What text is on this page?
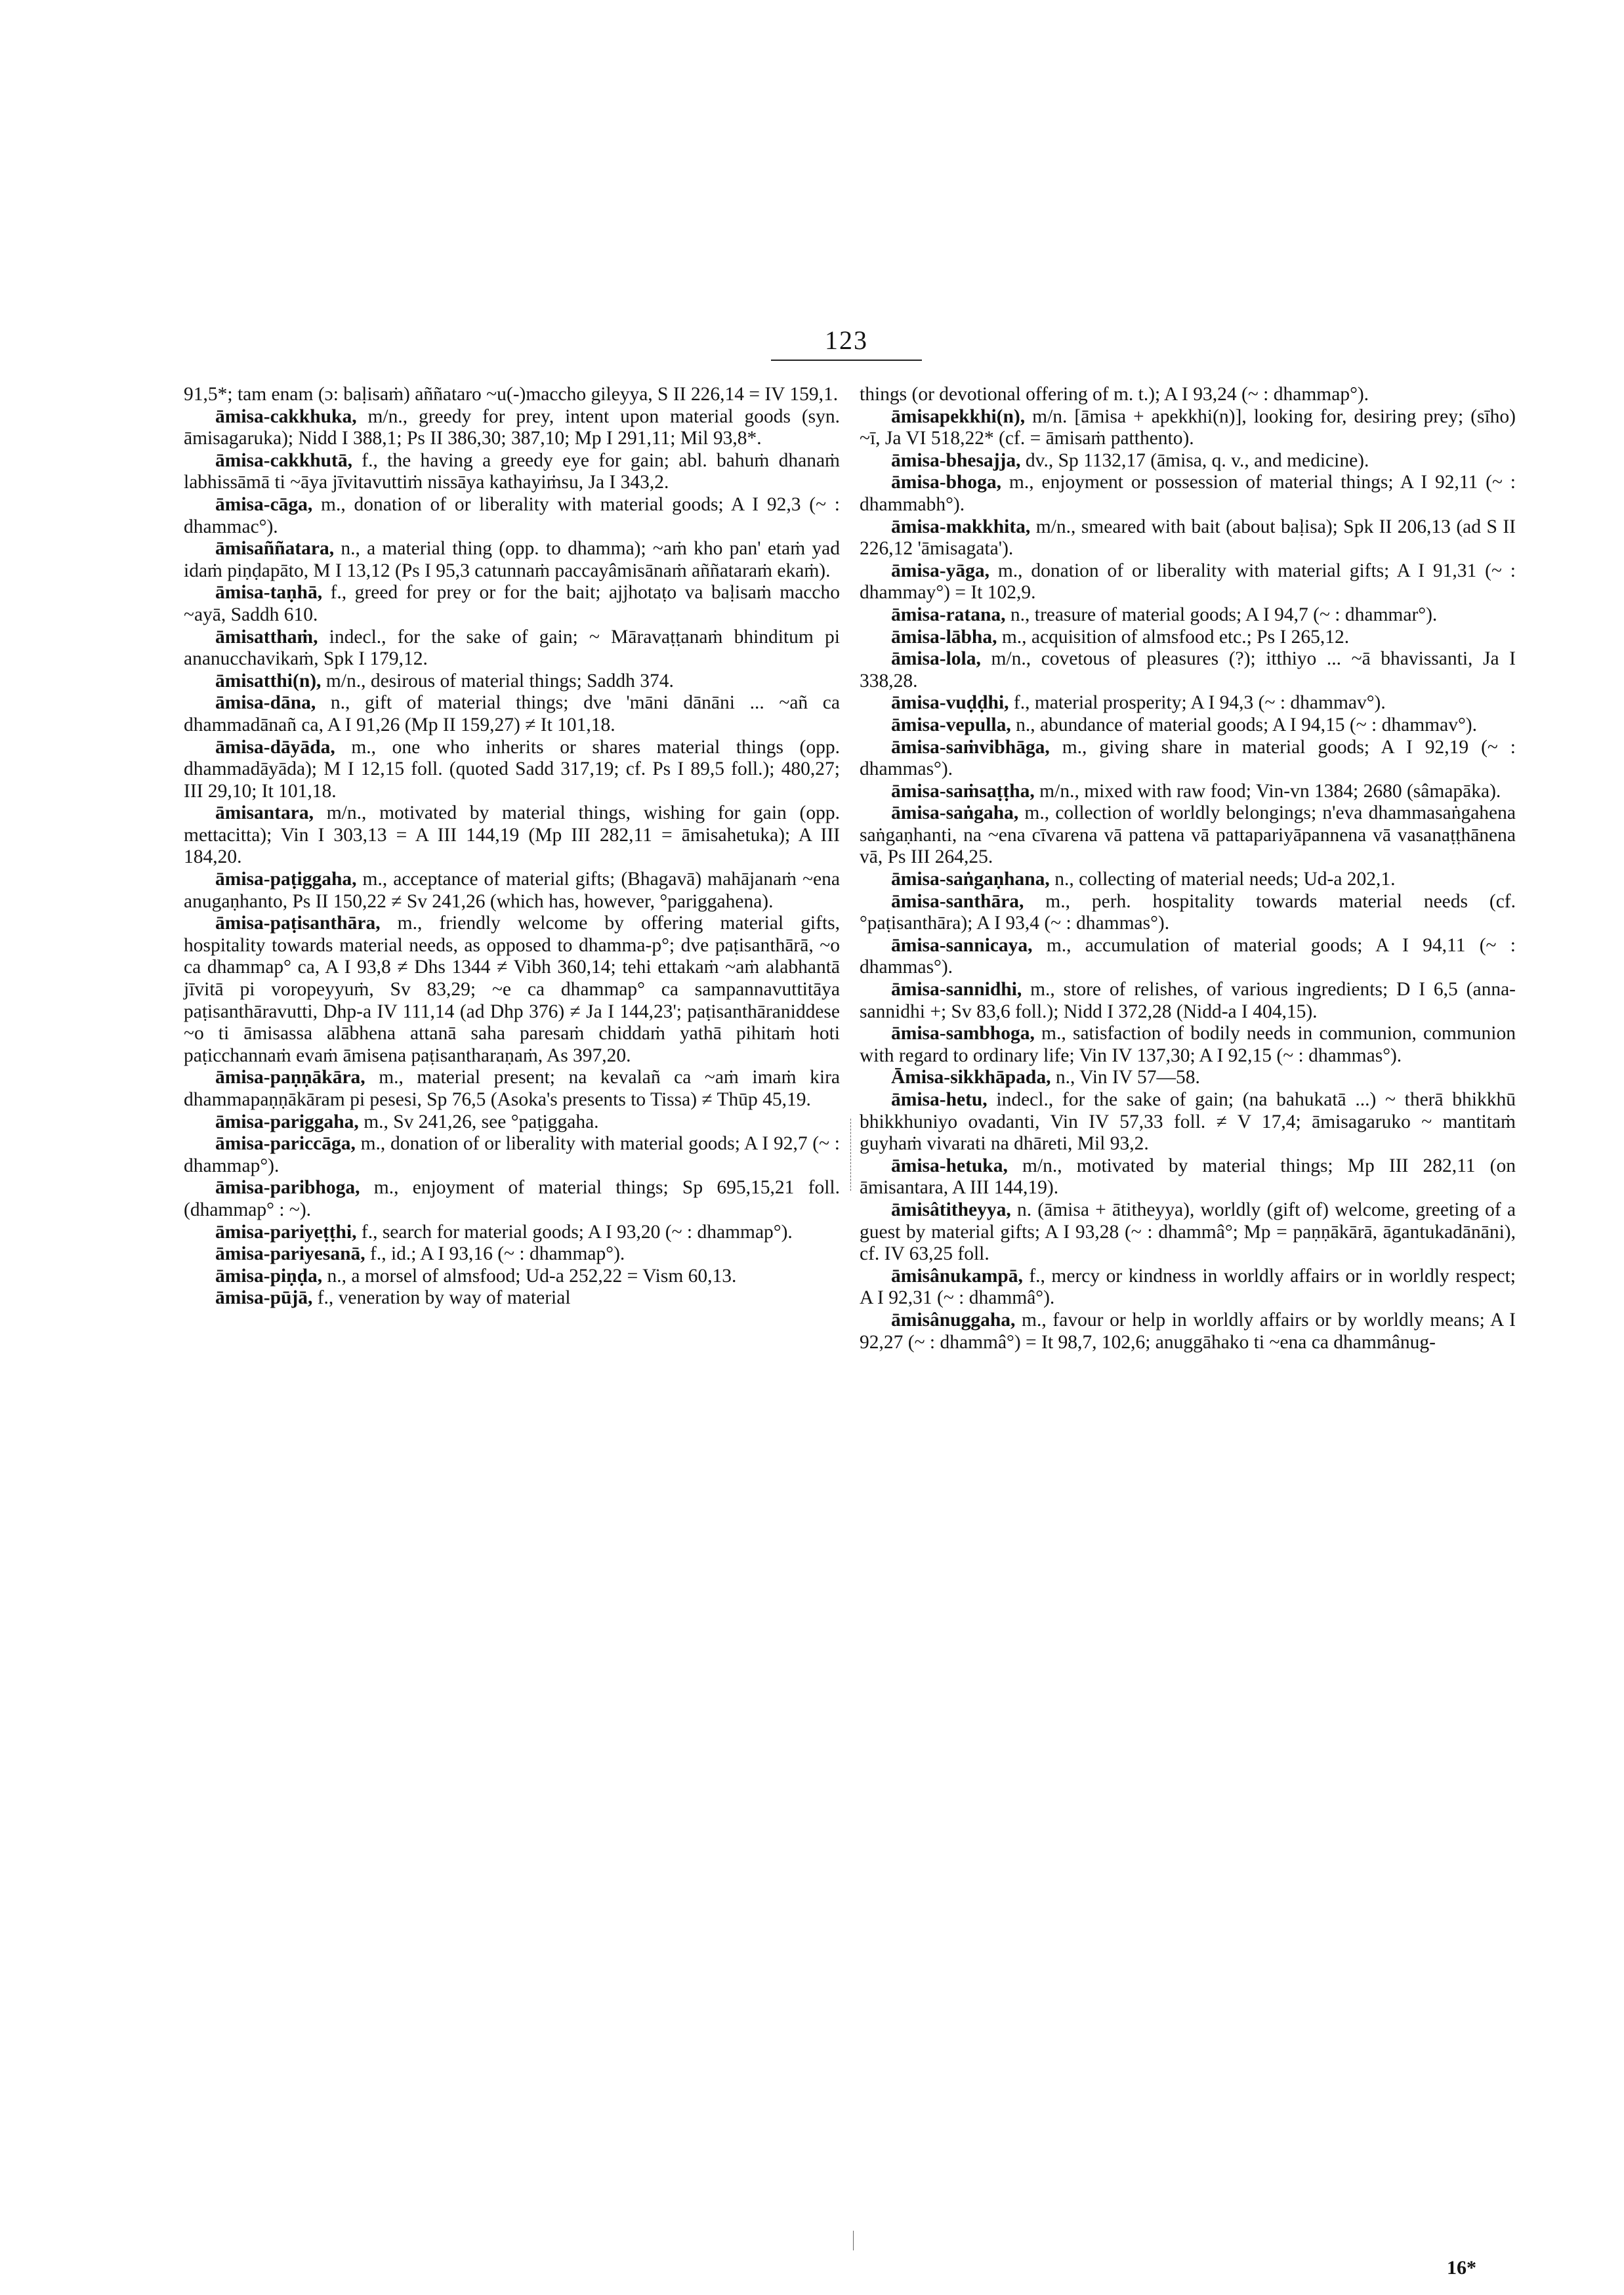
123

91,5*; tam enam (ɔ: baḷisaṁ) aññataro ~u(-)maccho gileyya, S II 226,14 = IV 159,1.

āmisa-cakkhuka, m/n., greedy for prey, intent upon material goods (syn. āmisagaruka); Nidd I 388,1; Ps II 386,30; 387,10; Mp I 291,11; Mil 93,8*.

āmisa-cakkhutā, f., the having a greedy eye for gain; abl. bahuṁ dhanaṁ labhissāmā ti ~āya jīvitavuttiṁ nissāya kathayiṁsu, Ja I 343,2.

āmisa-cāga, m., donation of or liberality with material goods; A I 92,3 (~ : dhammac°).

āmisaññatara, n., a material thing (opp. to dhamma); ~aṁ kho pan' etaṁ yad idaṁ piṇḍapāto, M I 13,12 (Ps I 95,3 catunnaṁ paccayâmisānaṁ aññataraṁ ekaṁ).

āmisa-taṇhā, f., greed for prey or for the bait; ajjhotaṭo va baḷisaṁ maccho ~ayā, Saddh 610.

āmisatthaṁ, indecl., for the sake of gain; ~ Māravaṭṭanaṁ bhinditum pi ananucchavikaṁ, Spk I 179,12.

āmisatthi(n), m/n., desirous of material things; Saddh 374.

āmisa-dāna, n., gift of material things; dve 'māni dānāni ... ~añ ca dhammadānañ ca, A I 91,26 (Mp II 159,27) ≠ It 101,18.

āmisa-dāyāda, m., one who inherits or shares material things (opp. dhammadāyāda); M I 12,15 foll. (quoted Sadd 317,19; cf. Ps I 89,5 foll.); 480,27; III 29,10; It 101,18.

āmisantara, m/n., motivated by material things, wishing for gain (opp. mettacitta); Vin I 303,13 = A III 144,19 (Mp III 282,11 = āmisahetuka); A III 184,20.

āmisa-paṭiggaha, m., acceptance of material gifts; (Bhagavā) mahājanaṁ ~ena anugaṇhanto, Ps II 150,22 ≠ Sv 241,26 (which has, however, °pariggahena).

āmisa-paṭisanthāra, m., friendly welcome by offering material gifts, hospitality towards material needs, as opposed to dhamma-p°; dve paṭisanthārā, ~o ca dhammap° ca, A I 93,8 ≠ Dhs 1344 ≠ Vibh 360,14; tehi ettakaṁ ~aṁ alabhantā jīvitā pi voropeyyuṁ, Sv 83,29; ~e ca dhammap° ca sampannavuttitāya paṭisanthāravutti, Dhp-a IV 111,14 (ad Dhp 376) ≠ Ja I 144,23'; paṭisanthāraniddese ~o ti āmisassa alābhena attanā saha paresaṁ chiddaṁ yathā pihitaṁ hoti paṭicchannaṁ evaṁ āmisena paṭisantharaṇaṁ, As 397,20.

āmisa-paṇṇākāra, m., material present; na kevalañ ca ~aṁ imaṁ kira dhammapaṇṇākāram pi pesesi, Sp 76,5 (Asoka's presents to Tissa) ≠ Thūp 45,19.

āmisa-pariggaha, m., Sv 241,26, see °paṭiggaha.

āmisa-pariccāga, m., donation of or liberality with material goods; A I 92,7 (~ : dhammap°).

āmisa-paribhoga, m., enjoyment of material things; Sp 695,15,21 foll. (dhammap° : ~).

āmisa-pariyeṭṭhi, f., search for material goods; A I 93,20 (~ : dhammap°).

āmisa-pariyesanā, f., id.; A I 93,16 (~ : dhammap°).

āmisa-piṇḍa, n., a morsel of almsfood; Ud-a 252,22 = Vism 60,13.

āmisa-pūjā, f., veneration by way of material

things (or devotional offering of m. t.); A I 93,24 (~ : dhammap°).

āmisapekkhi(n), m/n. [āmisa + apekkhi(n)], looking for, desiring prey; (sīho) ~ī, Ja VI 518,22* (cf. = āmisaṁ patthento).

āmisa-bhesajja, dv., Sp 1132,17 (āmisa, q. v., and medicine).

āmisa-bhoga, m., enjoyment or possession of material things; A I 92,11 (~ : dhammabh°).

āmisa-makkhita, m/n., smeared with bait (about baḷisa); Spk II 206,13 (ad S II 226,12 'āmisagata').

āmisa-yāga, m., donation of or liberality with material gifts; A I 91,31 (~ : dhammay°) = It 102,9.

āmisa-ratana, n., treasure of material goods; A I 94,7 (~ : dhammar°).

āmisa-lābha, m., acquisition of almsfood etc.; Ps I 265,12.

āmisa-lola, m/n., covetous of pleasures (?); itthiyo ... ~ā bhavissanti, Ja I 338,28.

āmisa-vuḍḍhi, f., material prosperity; A I 94,3 (~ : dhammav°).

āmisa-vepulla, n., abundance of material goods; A I 94,15 (~ : dhammav°).

āmisa-saṁvibhāga, m., giving share in material goods; A I 92,19 (~ : dhammas°).

āmisa-saṁsaṭṭha, m/n., mixed with raw food; Vin-vn 1384; 2680 (sâmapāka).

āmisa-saṅgaha, m., collection of worldly belongings; n'eva dhammasaṅgahena saṅgaṇhanti, na ~ena cīvarena vā pattena vā pattapariyāpannena vā vasanaṭṭhānena vā, Ps III 264,25.

āmisa-saṅgaṇhana, n., collecting of material needs; Ud-a 202,1.

āmisa-santhāra, m., perh. hospitality towards material needs (cf. °paṭisanthāra); A I 93,4 (~ : dhammas°).

āmisa-sannicaya, m., accumulation of material goods; A I 94,11 (~ : dhammas°).

āmisa-sannidhi, m., store of relishes, of various ingredients; D I 6,5 (anna-sannidhi +; Sv 83,6 foll.); Nidd I 372,28 (Nidd-a I 404,15).

āmisa-sambhoga, m., satisfaction of bodily needs in communion, communion with regard to ordinary life; Vin IV 137,30; A I 92,15 (~ : dhammas°).

Āmisa-sikkhāpada, n., Vin IV 57—58.

āmisa-hetu, indecl., for the sake of gain; (na bahukatā ...) ~ therā bhikkhū bhikkhuniyo ovadanti, Vin IV 57,33 foll. ≠ V 17,4; āmisagaruko ~ mantitaṁ guyhaṁ vivarati na dhāreti, Mil 93,2.

āmisa-hetuka, m/n., motivated by material things; Mp III 282,11 (on āmisantara, A III 144,19).

āmisâtitheyya, n. (āmisa + ātitheyya), worldly (gift of) welcome, greeting of a guest by material gifts; A I 93,28 (~ : dhammâ°; Mp = paṇṇākārā, āgantukadānāni), cf. IV 63,25 foll.

āmisânukampā, f., mercy or kindness in worldly affairs or in worldly respect; A I 92,31 (~ : dhammâ°).

āmisânuggaha, m., favour or help in worldly affairs or by worldly means; A I 92,27 (~ : dhammâ°) = It 98,7, 102,6; anuggāhako ti ~ena ca dhammânug-

16*
